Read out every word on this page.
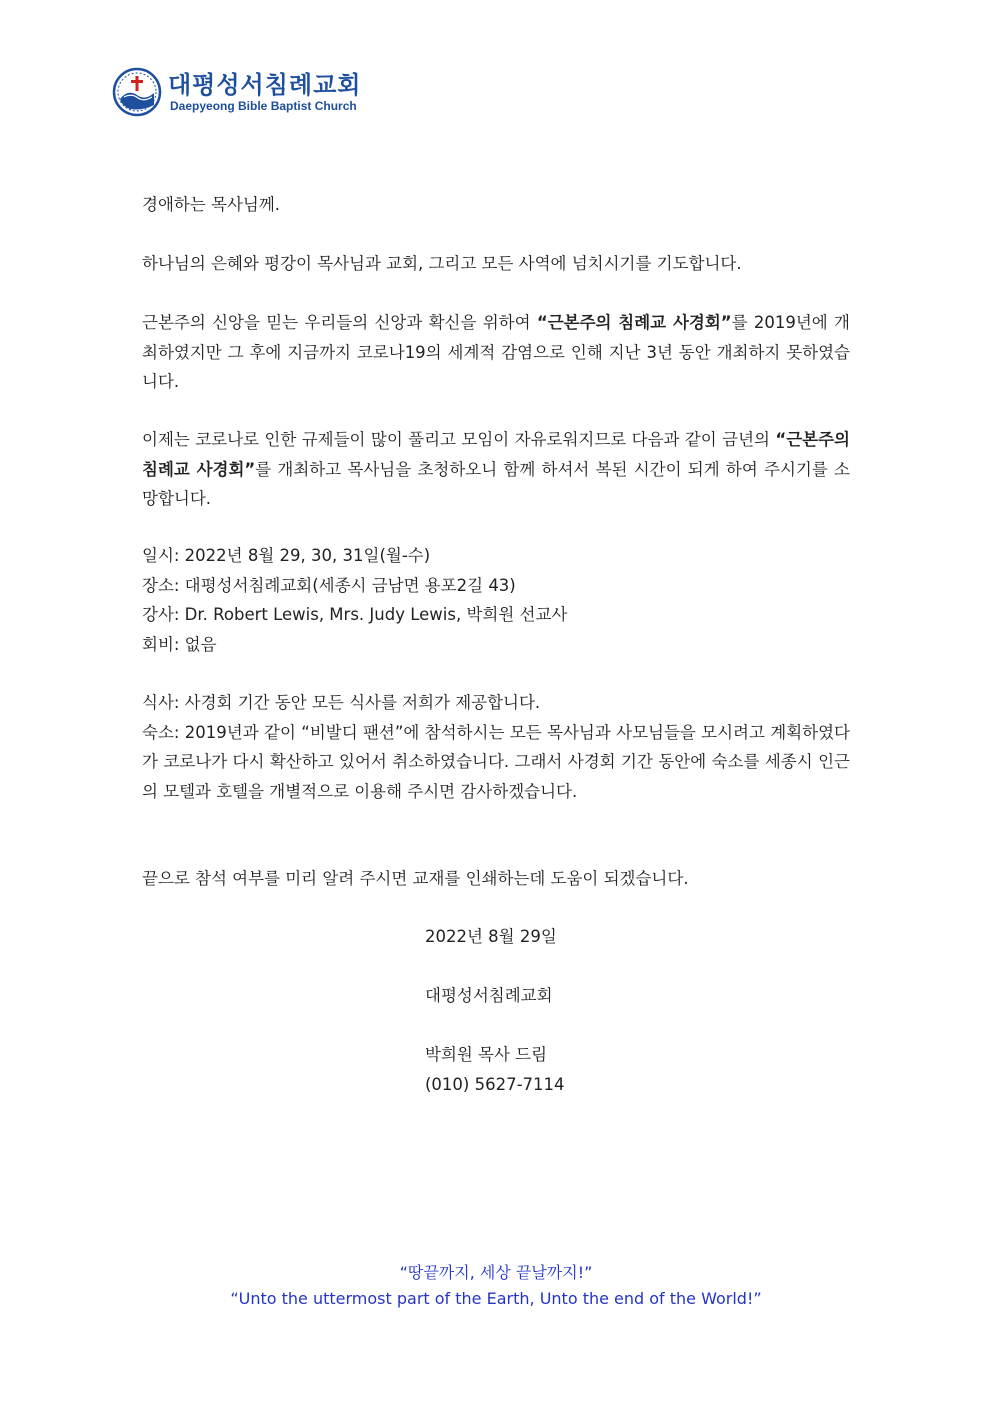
대평성서침례교회
Daepyeong Bible Baptist Church

경애하는 목사님께.

하나님의 은혜와 평강이 목사님과 교회, 그리고 모든 사역에 넘치시기를 기도합니다.

근본주의 신앙을 믿는 우리들의 신앙과 확신을 위하여 “근본주의 침례교 사경회”를 2019년에 개최하였지만 그 후에 지금까지 코로나19의 세계적 감염으로 인해 지난 3년 동안 개최하지 못하였습니다.

이제는 코로나로 인한 규제들이 많이 풀리고 모임이 자유로워지므로 다음과 같이 금년의 “근본주의 침례교 사경회”를 개최하고 목사님을 초청하오니 함께 하셔서 복된 시간이 되게 하여 주시기를 소망합니다.

일시: 2022년 8월 29, 30, 31일(월-수)
장소: 대평성서침례교회(세종시 금남면 용포2길 43)
강사: Dr. Robert Lewis, Mrs. Judy Lewis, 박희원 선교사
회비: 없음

식사: 사경회 기간 동안 모든 식사를 저희가 제공합니다.

숙소: 2019년과 같이 “비발디 팬션”에 참석하시는 모든 목사님과 사모님들을 모시려고 계획하였다가 코로나가 다시 확산하고 있어서 취소하였습니다. 그래서 사경회 기간 동안에 숙소를 세종시 인근의 모텔과 호텔을 개별적으로 이용해 주시면 감사하겠습니다.

끝으로 참석 여부를 미리 알려 주시면 교재를 인쇄하는데 도움이 되겠습니다.

2022년 8월 29일
대평성서침례교회
박희원 목사 드림
(010) 5627-7114
“땅끝까지, 세상 끝날까지!”
“Unto the uttermost part of the Earth, Unto the end of the World!”
